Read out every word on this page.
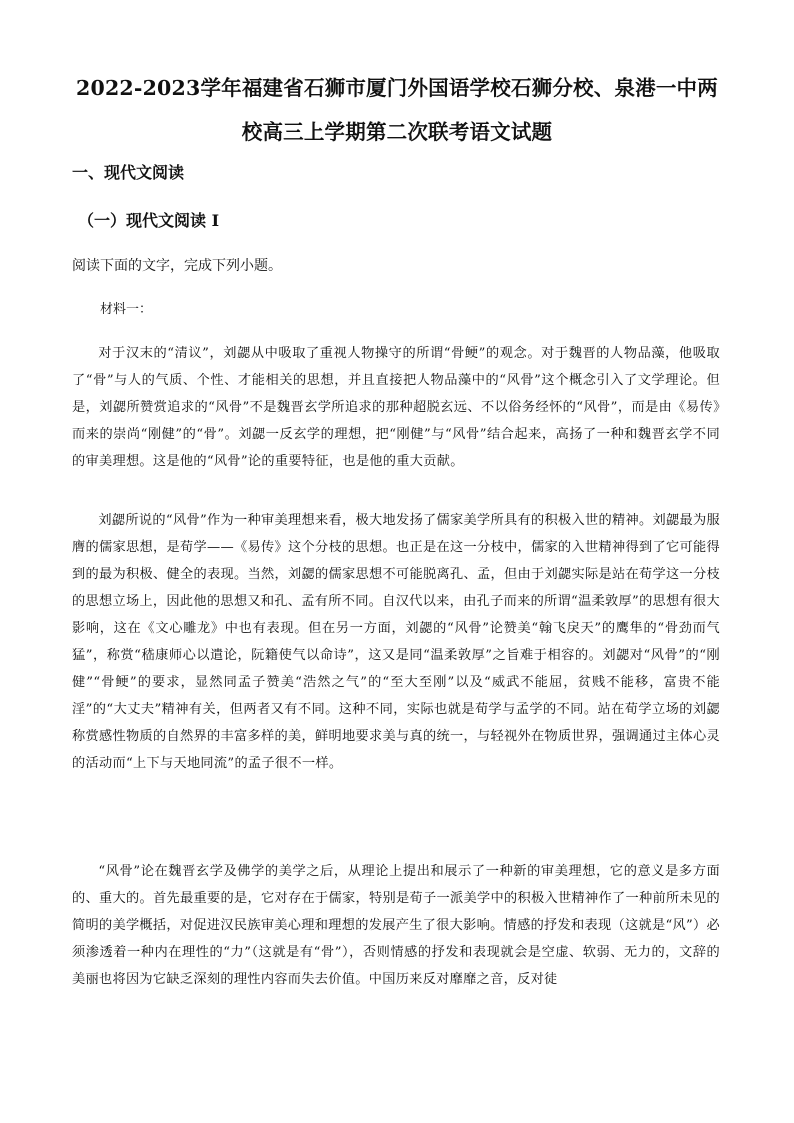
2022-2023学年福建省石狮市厦门外国语学校石狮分校、泉港一中两校高三上学期第二次联考语文试题
一、现代文阅读
（一）现代文阅读 I
阅读下面的文字，完成下列小题。
材料一：

对于汉末的“清议”，刘勰从中吸取了重视人物操守的所谓“骨鲠”的观念。对于魏晋的人物品藻，他吸取了“骨”与人的气质、个性、才能相关的思想，并且直接把人物品藻中的“风骨”这个概念引入了文学理论。但是，刘勰所赞赏追求的“风骨”不是魏晋玄学所追求的那种超脱玄远、不以俗务经怀的“风骨”，而是由《易传》而来的崇尚“刚健”的“骨”。刘勰一反玄学的理想，把“刚健”与“风骨”结合起来，高扬了一种和魏晋玄学不同的审美理想。这是他的“风骨”论的重要特征，也是他的重大贡献。

刘勰所说的“风骨”作为一种审美理想来看，极大地发扬了儒家美学所具有的积极入世的精神。刘勰最为服膺的儒家思想，是荀学——《易传》这个分枝的思想。也正是在这一分枝中，儒家的入世精神得到了它可能得到的最为积极、健全的表现。当然，刘勰的儒家思想不可能脱离孔、孟，但由于刘勰实际是站在荀学这一分枝的思想立场上，因此他的思想又和孔、孟有所不同。自汉代以来，由孔子而来的所谓“温柔敦厚”的思想有很大影响，这在《文心雕龙》中也有表现。但在另一方面，刘勰的“风骨”论赞美“翰飞戾天”的鹰隼的“骨劲而气猛”，称赏“嵇康师心以遣论，阮籍使气以命诗”，这又是同“温柔敦厚”之旨难于相容的。刘勰对“风骨”的“刚健”“骨鲠”的要求，显然同孟子赞美“浩然之气”的“至大至刚”以及“威武不能屈，贫贱不能移，富贵不能淫”的“大丈夫”精神有关，但两者又有不同。这种不同，实际也就是荀学与孟学的不同。站在荀学立场的刘勰称赏感性物质的自然界的丰富多样的美，鲜明地要求美与真的统一，与轻视外在物质世界，强调通过主体心灵的活动而“上下与天地同流”的孟子很不一样。

“风骨”论在魏晋玄学及佛学的美学之后，从理论上提出和展示了一种新的审美理想，它的意义是多方面的、重大的。首先最重要的是，它对存在于儒家，特别是荀子一派美学中的积极入世精神作了一种前所未见的简明的美学概括，对促进汉民族审美心理和理想的发展产生了很大影响。情感的抒发和表现（这就是“风”）必须渗透着一种内在理性的“力”（这就是有“骨”），否则情感的抒发和表现就会是空虚、软弱、无力的，文辞的美丽也将因为它缺乏深刻的理性内容而失去价值。中国历来反对靡靡之音，反对徒
